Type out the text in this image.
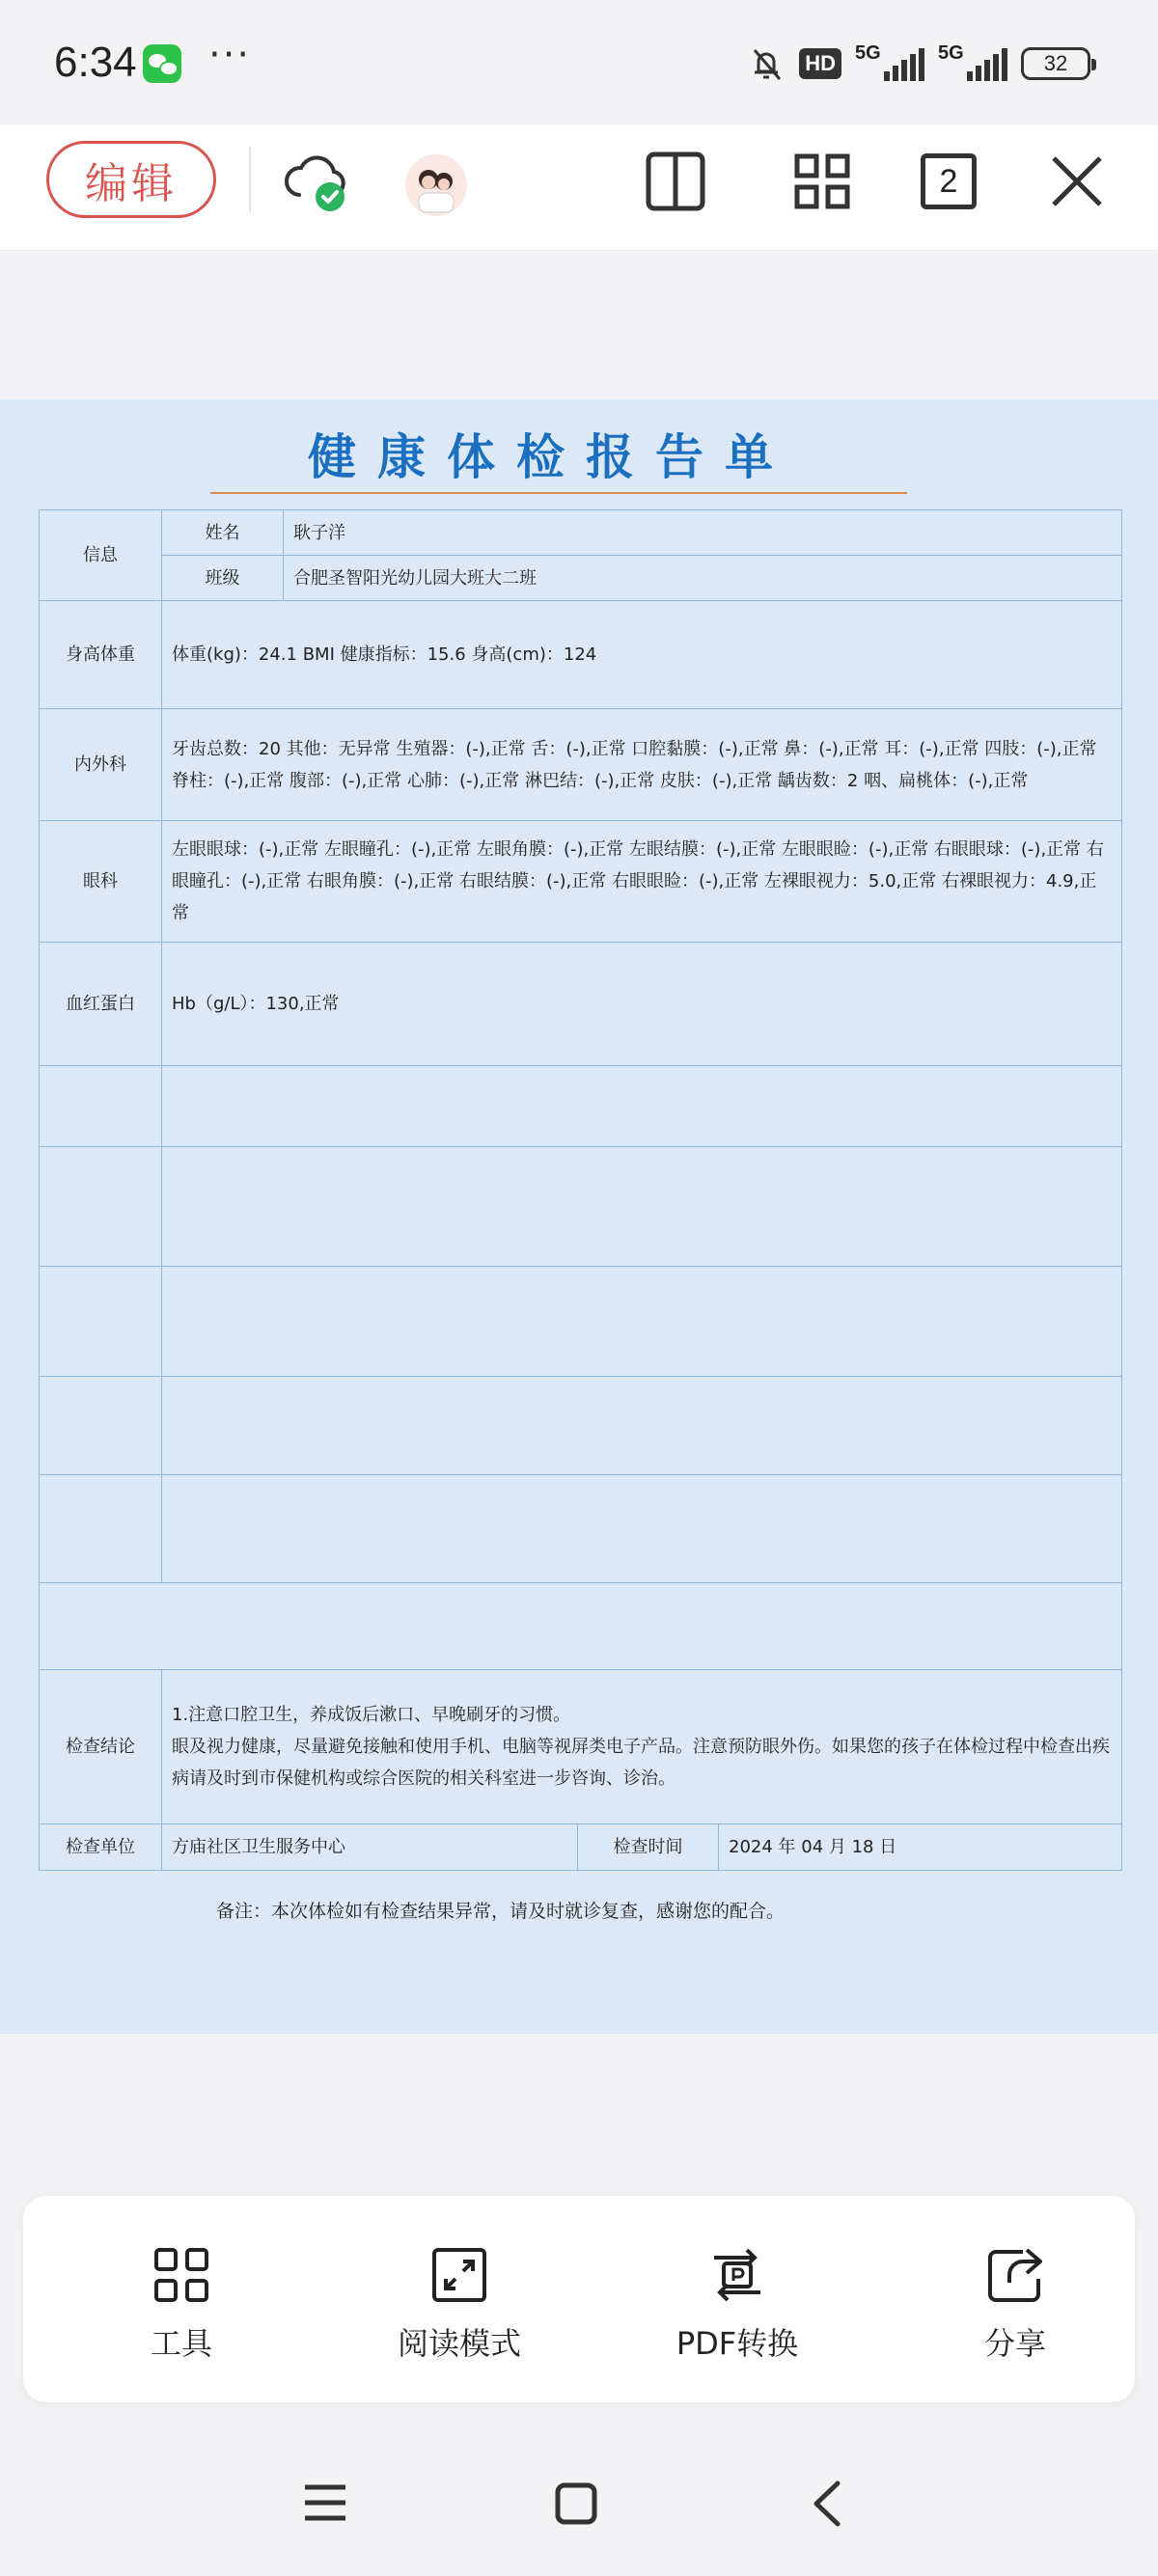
6:34 ···	HD	5G	5G	32
编辑	2
健康体检报告单
信息	姓名	耿子洋		
	班级	合肥圣智阳光幼儿园大班大二班		
身高体重	体重(kg)：24.1 BMI 健康指标：15.6 身高(cm)：124			
内外科	牙齿总数：20 其他：无异常 生殖器：(-),正常 舌：(-),正常 口腔黏膜：(-),正常 鼻：(-),正常 耳：(-),正常 四肢：(-),正常 脊柱：(-),正常 腹部：(-),正常 心肺：(-),正常 淋巴结：(-),正常 皮肤：(-),正常 龋齿数：2 咽、扁桃体：(-),正常			
眼科	左眼眼球：(-),正常 左眼瞳孔：(-),正常 左眼角膜：(-),正常 左眼结膜：(-),正常 左眼眼睑：(-),正常 右眼眼球：(-),正常 右眼瞳孔：(-),正常 右眼角膜：(-),正常 右眼结膜：(-),正常 右眼眼睑：(-),正常 左裸眼视力：5.0,正常 右裸眼视力：4.9,正常			
血红蛋白	Hb（g/L）：130,正常			

检查结论	1.注意口腔卫生，养成饭后漱口、早晚刷牙的习惯。
眼及视力健康，尽量避免接触和使用手机、电脑等视屏类电子产品。注意预防眼外伤。如果您的孩子在体检过程中检查出疾病请及时到市保健机构或综合医院的相关科室进一步咨询、诊治。			

检查单位	方庙社区卫生服务中心		检查时间	2024 年 04 月 18 日
备注：本次体检如有检查结果异常，请及时就诊复查，感谢您的配合。
工具	阅读模式	PDF转换	分享
